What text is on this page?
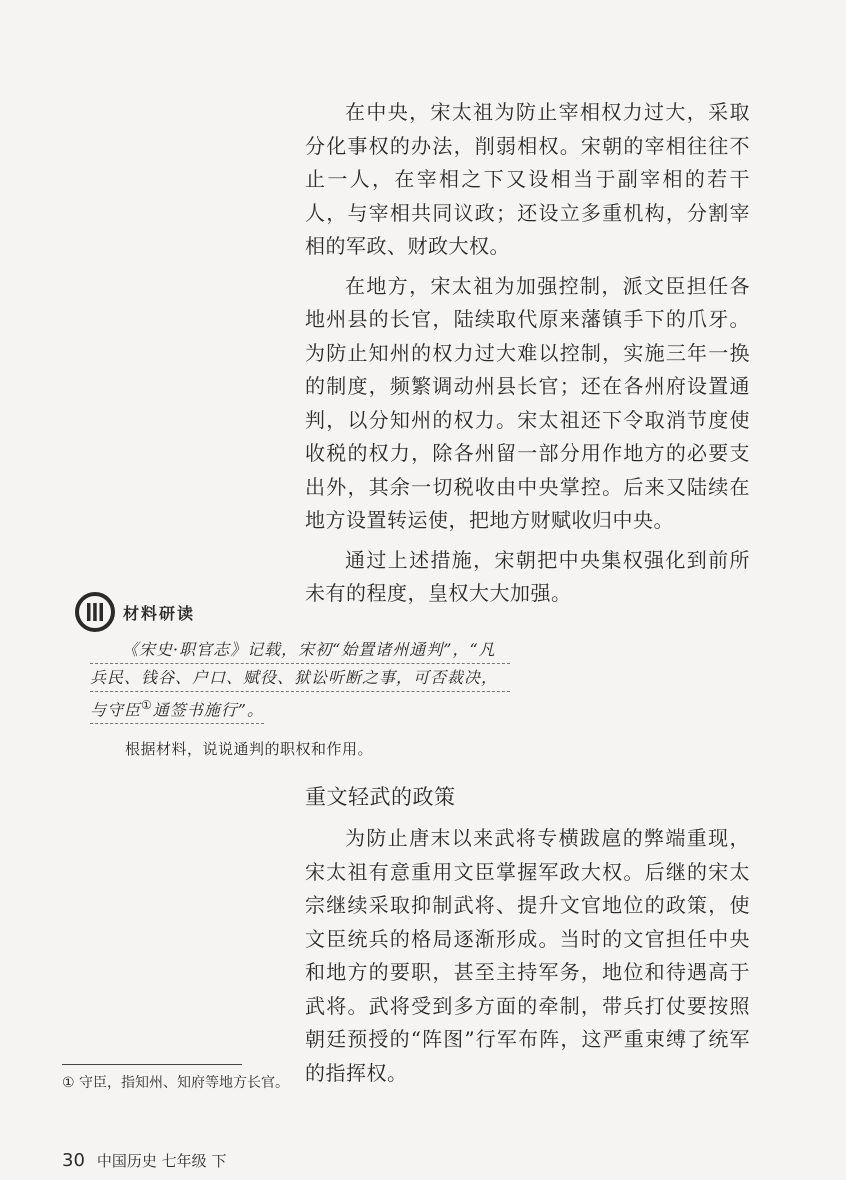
在中央，宋太祖为防止宰相权力过大，采取分化事权的办法，削弱相权。宋朝的宰相往往不止一人，在宰相之下又设相当于副宰相的若干人，与宰相共同议政；还设立多重机构，分割宰相的军政、财政大权。

在地方，宋太祖为加强控制，派文臣担任各地州县的长官，陆续取代原来藩镇手下的爪牙。为防止知州的权力过大难以控制，实施三年一换的制度，频繁调动州县长官；还在各州府设置通判，以分知州的权力。宋太祖还下令取消节度使收税的权力，除各州留一部分用作地方的必要支出外，其余一切税收由中央掌控。后来又陆续在地方设置转运使，把地方财赋收归中央。

通过上述措施，宋朝把中央集权强化到前所未有的程度，皇权大大加强。

材料研读
《宋史·职官志》记载，宋初“始置诸州通判”，“凡
兵民、钱谷、户口、赋役、狱讼听断之事，可否裁决，
与守臣①通签书施行”。
根据材料，说说通判的职权和作用。
重文轻武的政策

为防止唐末以来武将专横跋扈的弊端重现，宋太祖有意重用文臣掌握军政大权。后继的宋太宗继续采取抑制武将、提升文官地位的政策，使文臣统兵的格局逐渐形成。当时的文官担任中央和地方的要职，甚至主持军务，地位和待遇高于武将。武将受到多方面的牵制，带兵打仗要按照朝廷预授的“阵图”行军布阵，这严重束缚了统军的指挥权。

① 守臣，指知州、知府等地方长官。
30 中国历史 七年级 下
